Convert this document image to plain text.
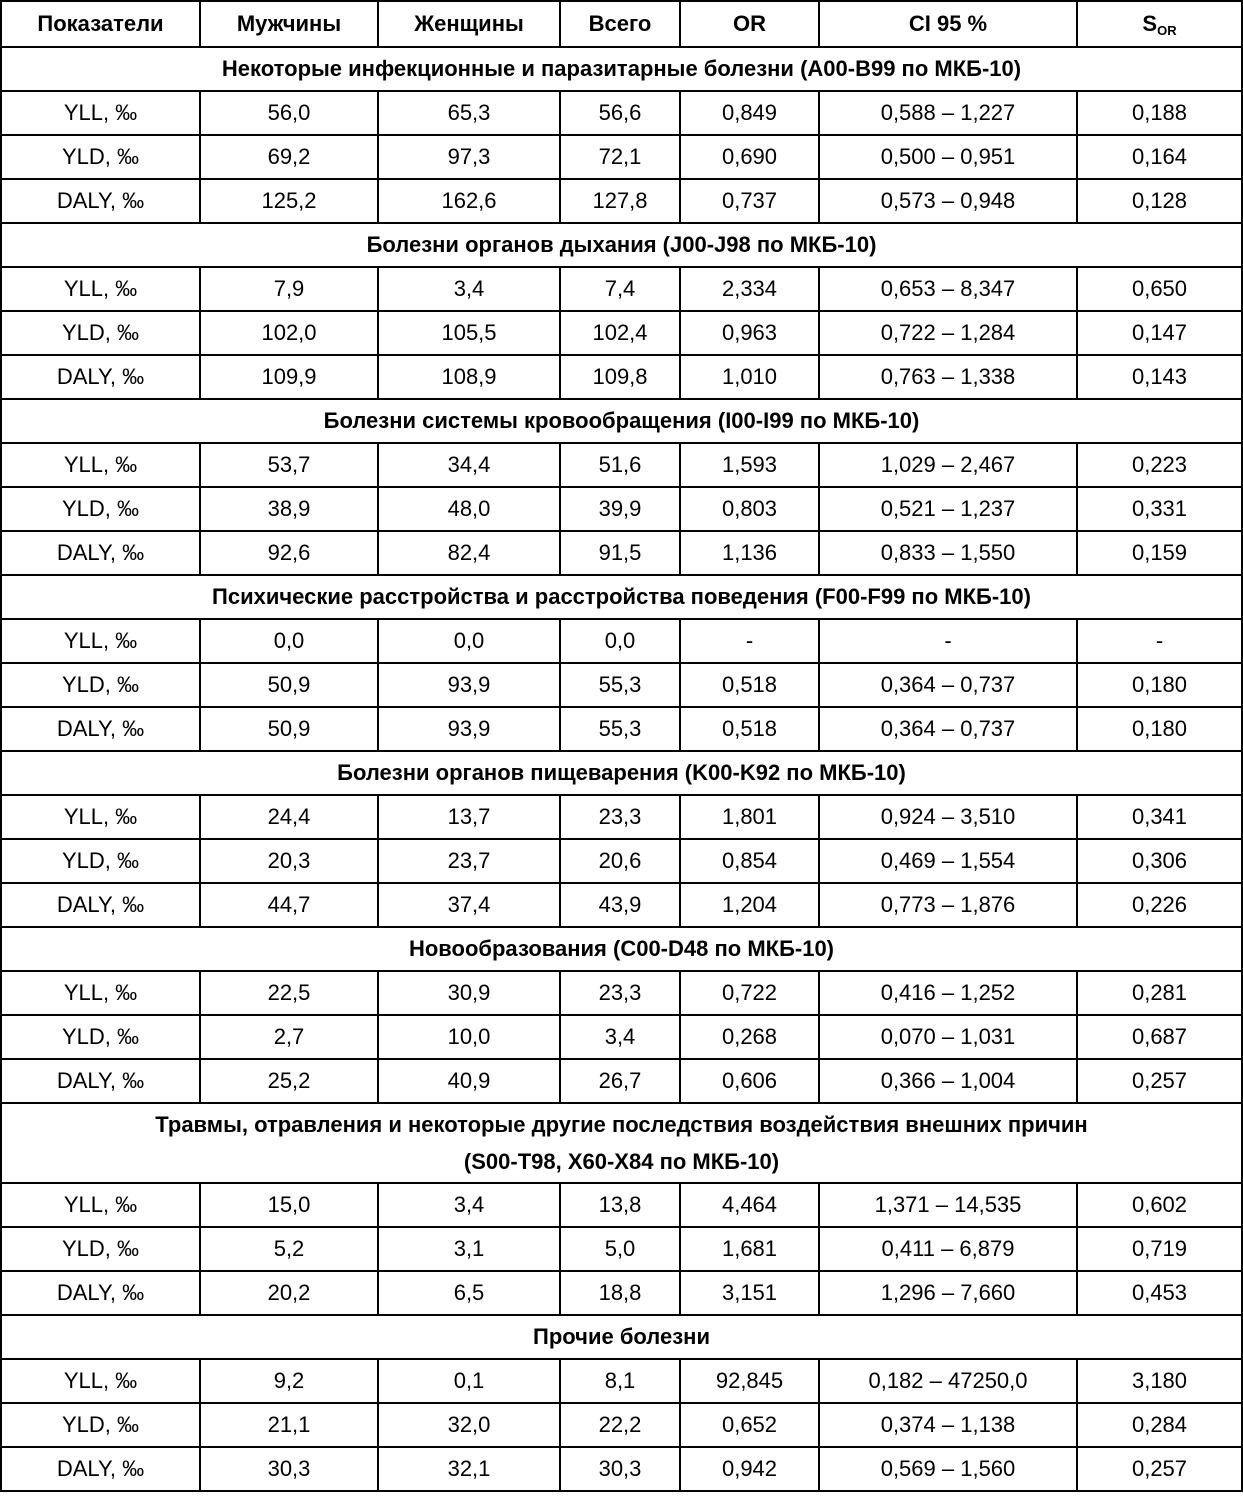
Показатели	Мужчины	Женщины	Всего	OR	CI 95 %	$S_{OR}$
Некоторые инфекционные и паразитарные болезни (A00-B99 по МКБ-10)						
YLL, ‰	56,0	65,3	56,6	0,849	0,588 – 1,227	0,188
YLD, ‰	69,2	97,3	72,1	0,690	0,500 – 0,951	0,164
DALY, ‰	125,2	162,6	127,8	0,737	0,573 – 0,948	0,128
Болезни органов дыхания (J00-J98 по МКБ-10)						
YLL, ‰	7,9	3,4	7,4	2,334	0,653 – 8,347	0,650
YLD, ‰	102,0	105,5	102,4	0,963	0,722 – 1,284	0,147
DALY, ‰	109,9	108,9	109,8	1,010	0,763 – 1,338	0,143
Болезни системы кровообращения (I00-I99 по МКБ-10)						
YLL, ‰	53,7	34,4	51,6	1,593	1,029 – 2,467	0,223
YLD, ‰	38,9	48,0	39,9	0,803	0,521 – 1,237	0,331
DALY, ‰	92,6	82,4	91,5	1,136	0,833 – 1,550	0,159
Психические расстройства и расстройства поведения (F00-F99 по МКБ-10)						
YLL, ‰	0,0	0,0	0,0	-	-	-
YLD, ‰	50,9	93,9	55,3	0,518	0,364 – 0,737	0,180
DALY, ‰	50,9	93,9	55,3	0,518	0,364 – 0,737	0,180
Болезни органов пищеварения (K00-K92 по МКБ-10)						
YLL, ‰	24,4	13,7	23,3	1,801	0,924 – 3,510	0,341
YLD, ‰	20,3	23,7	20,6	0,854	0,469 – 1,554	0,306
DALY, ‰	44,7	37,4	43,9	1,204	0,773 – 1,876	0,226
Новообразования (C00-D48 по МКБ-10)						
YLL, ‰	22,5	30,9	23,3	0,722	0,416 – 1,252	0,281
YLD, ‰	2,7	10,0	3,4	0,268	0,070 – 1,031	0,687
DALY, ‰	25,2	40,9	26,7	0,606	0,366 – 1,004	0,257
Травмы, отравления и некоторые другие последствия воздействия внешних причин
(S00-T98, X60-X84 по МКБ-10)						
YLL, ‰	15,0	3,4	13,8	4,464	1,371 – 14,535	0,602
YLD, ‰	5,2	3,1	5,0	1,681	0,411 – 6,879	0,719
DALY, ‰	20,2	6,5	18,8	3,151	1,296 – 7,660	0,453
Прочие болезни						
YLL, ‰	9,2	0,1	8,1	92,845	0,182 – 47250,0	3,180
YLD, ‰	21,1	32,0	22,2	0,652	0,374 – 1,138	0,284
DALY, ‰	30,3	32,1	30,3	0,942	0,569 – 1,560	0,257
